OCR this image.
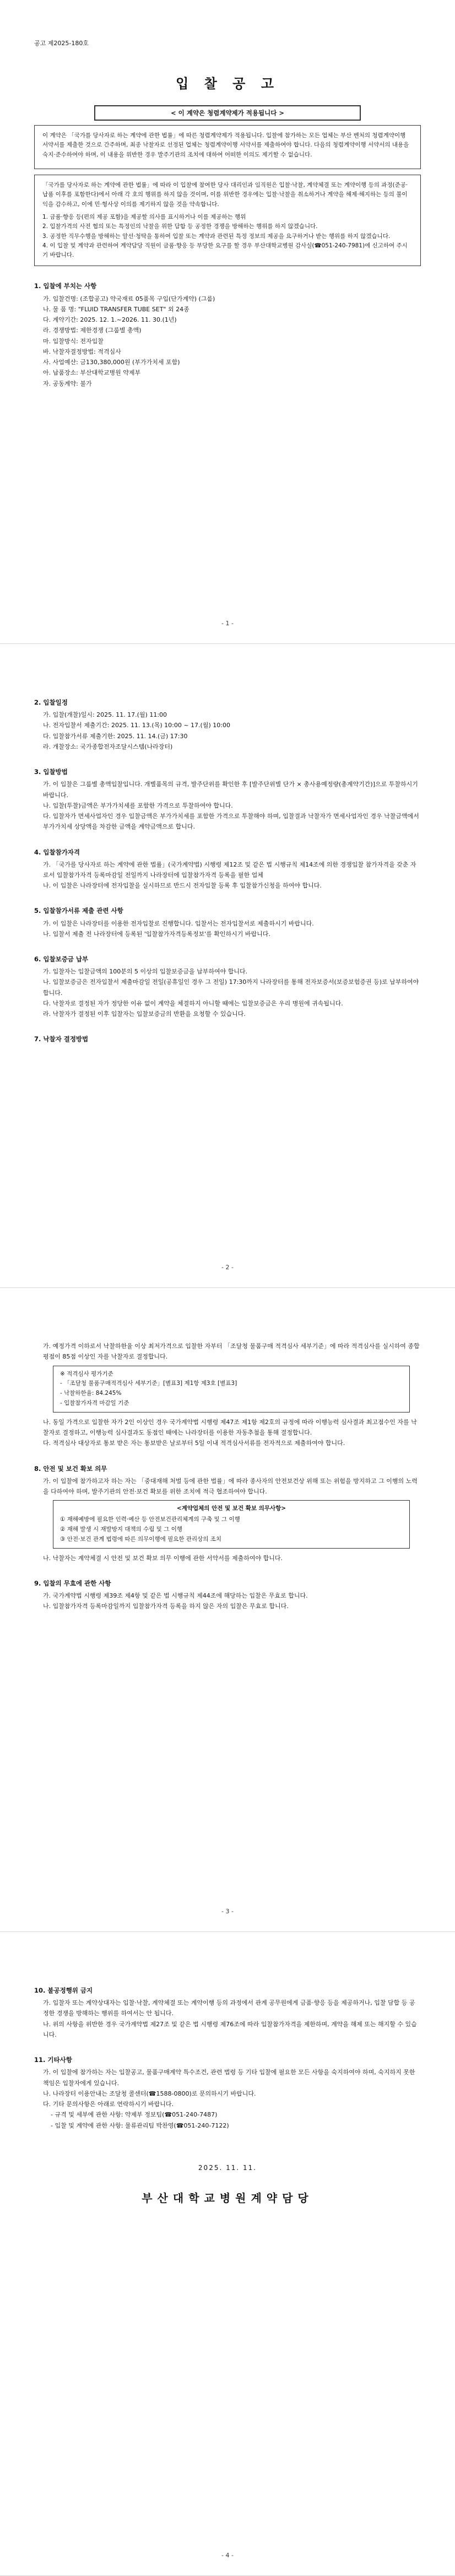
공고 제2025-180호
입 찰 공 고
< 이 계약은 청렴계약제가 적용됩니다 >

이 계약은 「국가를 당사자로 하는 계약에 관한 법률」에 따른 청렴계약제가 적용됩니다. 입찰에 참가하는 모든 업체는 부산 벤처의 청렴계약이행 서약서를 제출한 것으로 간주하며, 최종 낙찰자로 선정된 업체는 청렴계약이행 서약서를 제출하여야 합니다. 다음의 청렴계약이행 서약서의 내용을 숙지·준수하여야 하며, 이 내용을 위반한 경우 발주기관의 조치에 대하여 어떠한 이의도 제기할 수 없습니다.

「국가를 당사자로 하는 계약에 관한 법률」에 따라 이 입찰에 참여한 당사 대리인과 임직원은 입찰·낙찰, 계약체결 또는 계약이행 등의 과정(준공·납품 이후를 포함한다)에서 아래 각 호의 행위를 하지 않을 것이며, 이를 위반한 경우에는 입찰·낙찰을 취소하거나 계약을 해제·해지하는 등의 불이익을 감수하고, 이에 민·형사상 이의를 제기하지 않을 것을 약속합니다.

1. 금품·향응 등(편의 제공 포함)을 제공할 의사를 표시하거나 이를 제공하는 행위
2. 입찰가격의 사전 협의 또는 특정인의 낙찰을 위한 담합 등 공정한 경쟁을 방해하는 행위를 하지 않겠습니다.
3. 공정한 직무수행을 방해하는 알선·청탁을 통하여 입찰 또는 계약과 관련된 특정 정보의 제공을 요구하거나 받는 행위를 하지 않겠습니다.
4. 이 입찰 및 계약과 관련하여 계약담당 직원이 금품·향응 등 부당한 요구를 할 경우 부산대학교병원 감사실(☎051-240-7981)에 신고하여 주시기 바랍니다.
1. 입찰에 부치는 사항
가. 입찰건명: (조합공고) 약국재료 05품목 구입(단가계약) (그룹)
나. 물 품 명: "FLUID TRANSFER TUBE SET" 외 24종
다. 계약기간: 2025. 12. 1.~2026. 11. 30.(1년)
라. 경쟁방법: 제한경쟁 (그룹별 총액)
마. 입찰방식: 전자입찰
바. 낙찰자결정방법: 적격심사
사. 사업예산: 금130,380,000원 (부가가치세 포함)
아. 납품장소: 부산대학교병원 약제부
자. 공동계약: 불가
- 1 -
2. 입찰일정
가. 입찰(개찰)일시: 2025. 11. 17.(월) 11:00
나. 전자입찰서 제출기간: 2025. 11. 13.(목) 10:00 ~ 17.(월) 10:00
다. 입찰참가서류 제출기한: 2025. 11. 14.(금) 17:30
라. 개찰장소: 국가종합전자조달시스템(나라장터)
3. 입찰방법
가. 이 입찰은 그룹별 총액입찰입니다. 개별품목의 규격, 발주단위를 확인한 후 [발주단위별 단가 × 총사용예정량(총계약기간)]으로 투찰하시기 바랍니다.
나. 입찰(투찰)금액은 부가가치세를 포함한 가격으로 투찰하여야 합니다.
다. 입찰자가 면세사업자인 경우 입찰금액은 부가가치세를 포함한 가격으로 투찰해야 하며, 입찰결과 낙찰자가 면세사업자인 경우 낙찰금액에서 부가가치세 상당액을 차감한 금액을 계약금액으로 합니다.
4. 입찰참가자격
가. 「국가를 당사자로 하는 계약에 관한 법률」(국가계약법) 시행령 제12조 및 같은 법 시행규칙 제14조에 의한 경쟁입찰 참가자격을 갖춘 자로서 입찰참가자격 등록마감일 전일까지 나라장터에 입찰참가자격 등록을 필한 업체
나. 이 입찰은 나라장터에 전자입찰을 실시하므로 반드시 전자입찰 등록 후 입찰참가신청을 하여야 합니다.
5. 입찰참가서류 제출 관련 사항
가. 이 입찰은 나라장터를 이용한 전자입찰로 진행합니다. 입찰서는 전자입찰서로 제출하시기 바랍니다.
나. 입찰서 제출 전 나라장터에 등록된 '입찰참가자격등록정보'를 확인하시기 바랍니다.
6. 입찰보증금 납부
가. 입찰자는 입찰금액의 100분의 5 이상의 입찰보증금을 납부하여야 합니다.
나. 입찰보증금은 전자입찰서 제출마감일 전일(공휴일인 경우 그 전일) 17:30까지 나라장터를 통해 전자보증서(보증보험증권 등)로 납부하여야 합니다.
다. 낙찰자로 결정된 자가 정당한 이유 없이 계약을 체결하지 아니할 때에는 입찰보증금은 우리 병원에 귀속됩니다.
라. 낙찰자가 결정된 이후 입찰자는 입찰보증금의 반환을 요청할 수 있습니다.
7. 낙찰자 결정방법
- 2 -
가. 예정가격 이하로서 낙찰하한율 이상 최저가격으로 입찰한 자부터 「조달청 물품구매 적격심사 세부기준」에 따라 적격심사를 실시하여 종합평점이 85점 이상인 자를 낙찰자로 결정합니다.
※ 적격심사 평가기준
- 「조달청 물품구매적격심사 세부기준」[별표3] 제1항 제3호 [별표3]
- 낙찰하한율: 84.245%
- 입찰참가자격 마감일 기준
나. 동일 가격으로 입찰한 자가 2인 이상인 경우 국가계약법 시행령 제47조 제1항 제2호의 규정에 따라 이행능력 심사결과 최고점수인 자를 낙찰자로 결정하고, 이행능력 심사결과도 동점인 때에는 나라장터를 이용한 자동추첨을 통해 결정합니다.
다. 적격심사 대상자로 통보 받은 자는 통보받은 날로부터 5일 이내 적격심사서류를 전자적으로 제출하여야 합니다.
8. 안전 및 보건 확보 의무
가. 이 입찰에 참가하고자 하는 자는 「중대재해 처벌 등에 관한 법률」에 따라 종사자의 안전보건상 위해 또는 위험을 방지하고 그 이행의 노력을 다하여야 하며, 발주기관의 안전·보건 확보를 위한 조치에 적극 협조하여야 합니다.
<계약업체의 안전 및 보건 확보 의무사항>
① 재해예방에 필요한 인력·예산 등 안전보건관리체계의 구축 및 그 이행
② 재해 발생 시 재발방지 대책의 수립 및 그 이행
③ 안전·보건 관계 법령에 따른 의무이행에 필요한 관리상의 조치
나. 낙찰자는 계약체결 시 안전 및 보건 확보 의무 이행에 관한 서약서를 제출하여야 합니다.
9. 입찰의 무효에 관한 사항
가. 국가계약법 시행령 제39조 제4항 및 같은 법 시행규칙 제44조에 해당하는 입찰은 무효로 합니다.
나. 입찰참가자격 등록마감일까지 입찰참가자격 등록을 하지 않은 자의 입찰은 무효로 합니다.
- 3 -
10. 불공정행위 금지
가. 입찰자 또는 계약상대자는 입찰·낙찰, 계약체결 또는 계약이행 등의 과정에서 관계 공무원에게 금품·향응 등을 제공하거나, 입찰 담합 등 공정한 경쟁을 방해하는 행위를 하여서는 안 됩니다.
나. 위의 사항을 위반한 경우 국가계약법 제27조 및 같은 법 시행령 제76조에 따라 입찰참가자격을 제한하며, 계약을 해제 또는 해지할 수 있습니다.
11. 기타사항
가. 이 입찰에 참가하는 자는 입찰공고, 물품구매계약 특수조건, 관련 법령 등 기타 입찰에 필요한 모든 사항을 숙지하여야 하며, 숙지하지 못한 책임은 입찰자에게 있습니다.
나. 나라장터 이용안내는 조달청 콜센터(☎1588-0800)로 문의하시기 바랍니다.
다. 기타 문의사항은 아래로 연락하시기 바랍니다.
- 규격 및 세부에 관한 사항: 약제부 정보팀(☎051-240-7487)
- 입찰 및 계약에 관한 사항: 물류관리팀 박찬영(☎051-240-7122)
2025. 11. 11.
부산대학교병원계약담당
- 4 -
